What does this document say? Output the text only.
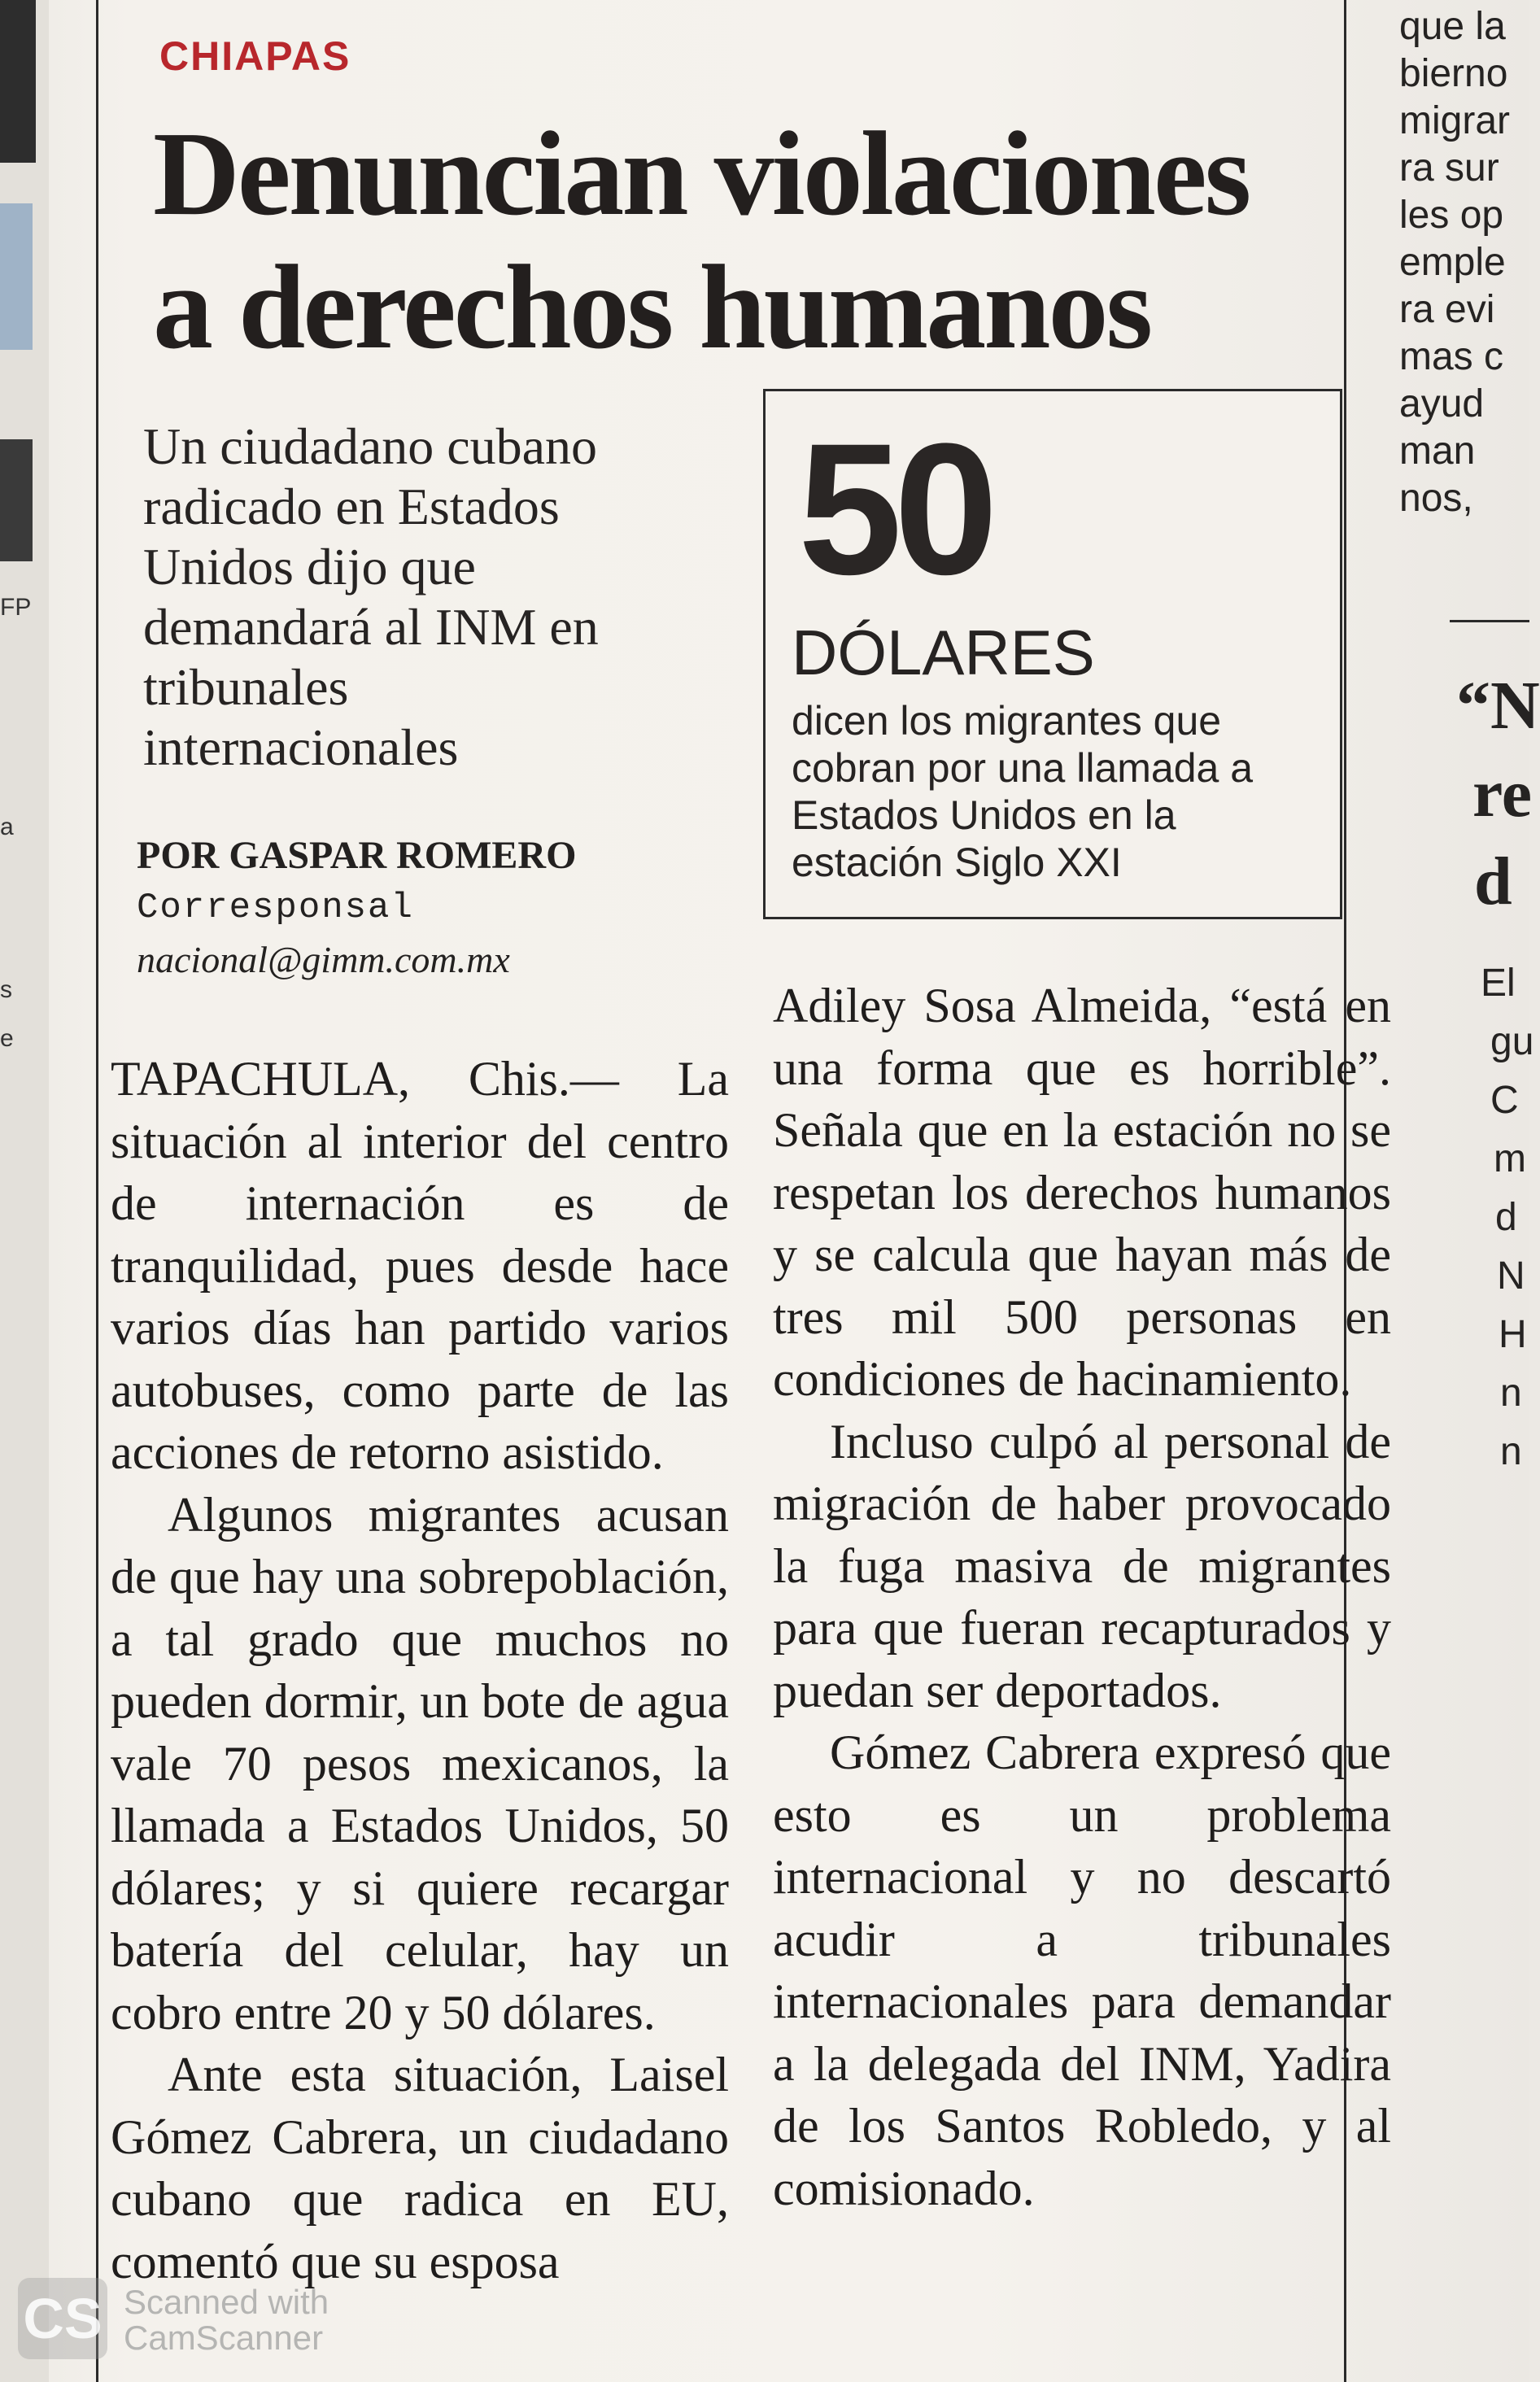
FP
a
s
e
CHIAPAS
Denuncian violaciones
a derechos humanos
Un ciudadano cubano radicado en Estados Unidos dijo que demandará al INM en tribunales internacionales
POR GASPAR ROMERO
Corresponsal
nacional@gimm.com.mx
50
DÓLARES
dicen los migrantes que cobran por una llamada a Estados Unidos en la estación Siglo XXI

TAPACHULA, Chis.— La situación al interior del centro de internación es de tranquilidad, pues desde hace varios días han partido varios autobuses, como parte de las acciones de retorno asistido.

Algunos migrantes acusan de que hay una sobrepoblación, a tal grado que muchos no pueden dormir, un bote de agua vale 70 pesos mexicanos, la llamada a Estados Unidos, 50 dólares; y si quiere recargar batería del celular, hay un cobro entre 20 y 50 dólares.

Ante esta situación, Laisel Gómez Cabrera, un ciudadano cubano que radica en EU, comentó que su esposa

Adiley Sosa Almeida, “está en una forma que es horrible”. Señala que en la estación no se respetan los derechos humanos y se calcula que hayan más de tres mil 500 personas en condiciones de hacinamiento.

Incluso culpó al personal de migración de haber provocado la fuga masiva de migrantes para que fueran recapturados y puedan ser deportados.

Gómez Cabrera expresó que esto es un problema internacional y no descartó acudir a tribunales internacionales para demandar a la delegada del INM, Yadira de los Santos Robledo, y al comisionado.

que la
bierno
migrar
ra sur
les op
emple
ra evi
mas c
ayud
man
nos,
“N
re
d
El
gu
C
m
d
N
H
n
n
CS Scanned with
CamScanner
